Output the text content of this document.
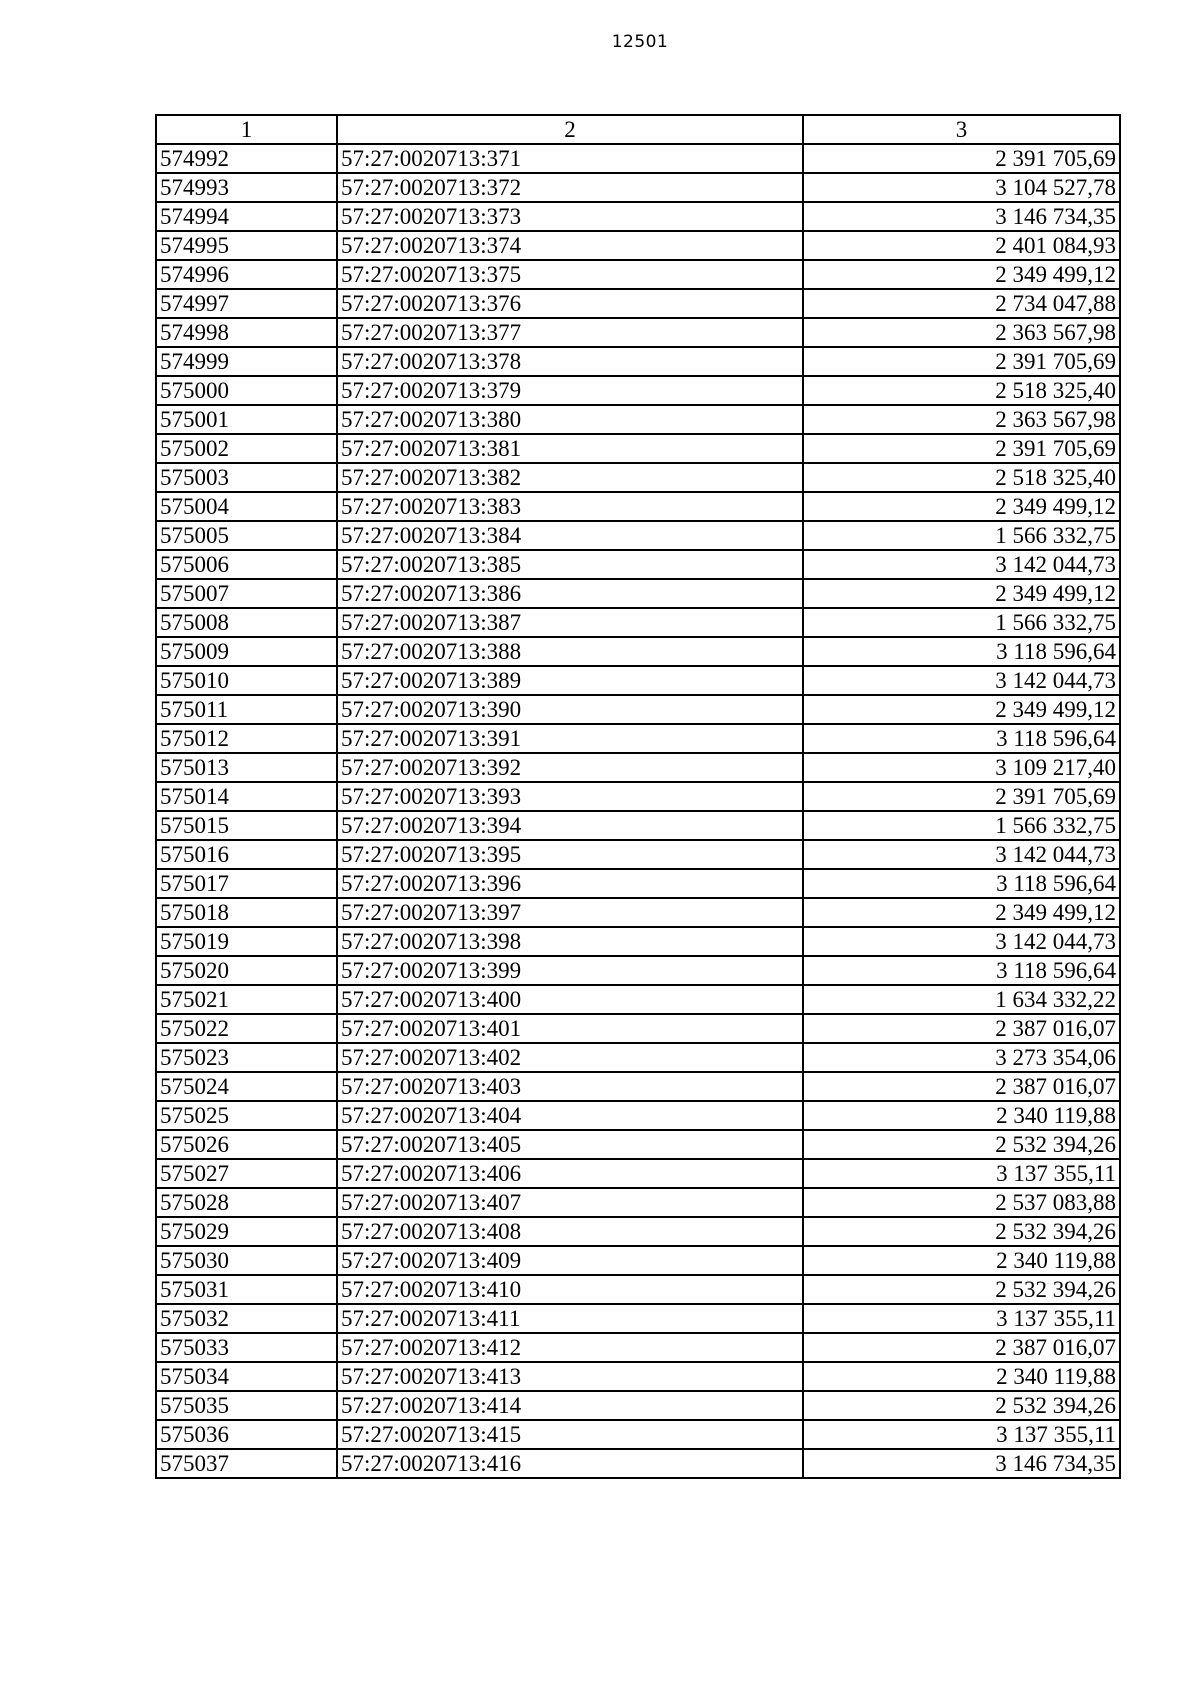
12501
1	2	3
574992	57:27:0020713:371	2 391 705,69
574993	57:27:0020713:372	3 104 527,78
574994	57:27:0020713:373	3 146 734,35
574995	57:27:0020713:374	2 401 084,93
574996	57:27:0020713:375	2 349 499,12
574997	57:27:0020713:376	2 734 047,88
574998	57:27:0020713:377	2 363 567,98
574999	57:27:0020713:378	2 391 705,69
575000	57:27:0020713:379	2 518 325,40
575001	57:27:0020713:380	2 363 567,98
575002	57:27:0020713:381	2 391 705,69
575003	57:27:0020713:382	2 518 325,40
575004	57:27:0020713:383	2 349 499,12
575005	57:27:0020713:384	1 566 332,75
575006	57:27:0020713:385	3 142 044,73
575007	57:27:0020713:386	2 349 499,12
575008	57:27:0020713:387	1 566 332,75
575009	57:27:0020713:388	3 118 596,64
575010	57:27:0020713:389	3 142 044,73
575011	57:27:0020713:390	2 349 499,12
575012	57:27:0020713:391	3 118 596,64
575013	57:27:0020713:392	3 109 217,40
575014	57:27:0020713:393	2 391 705,69
575015	57:27:0020713:394	1 566 332,75
575016	57:27:0020713:395	3 142 044,73
575017	57:27:0020713:396	3 118 596,64
575018	57:27:0020713:397	2 349 499,12
575019	57:27:0020713:398	3 142 044,73
575020	57:27:0020713:399	3 118 596,64
575021	57:27:0020713:400	1 634 332,22
575022	57:27:0020713:401	2 387 016,07
575023	57:27:0020713:402	3 273 354,06
575024	57:27:0020713:403	2 387 016,07
575025	57:27:0020713:404	2 340 119,88
575026	57:27:0020713:405	2 532 394,26
575027	57:27:0020713:406	3 137 355,11
575028	57:27:0020713:407	2 537 083,88
575029	57:27:0020713:408	2 532 394,26
575030	57:27:0020713:409	2 340 119,88
575031	57:27:0020713:410	2 532 394,26
575032	57:27:0020713:411	3 137 355,11
575033	57:27:0020713:412	2 387 016,07
575034	57:27:0020713:413	2 340 119,88
575035	57:27:0020713:414	2 532 394,26
575036	57:27:0020713:415	3 137 355,11
575037	57:27:0020713:416	3 146 734,35
